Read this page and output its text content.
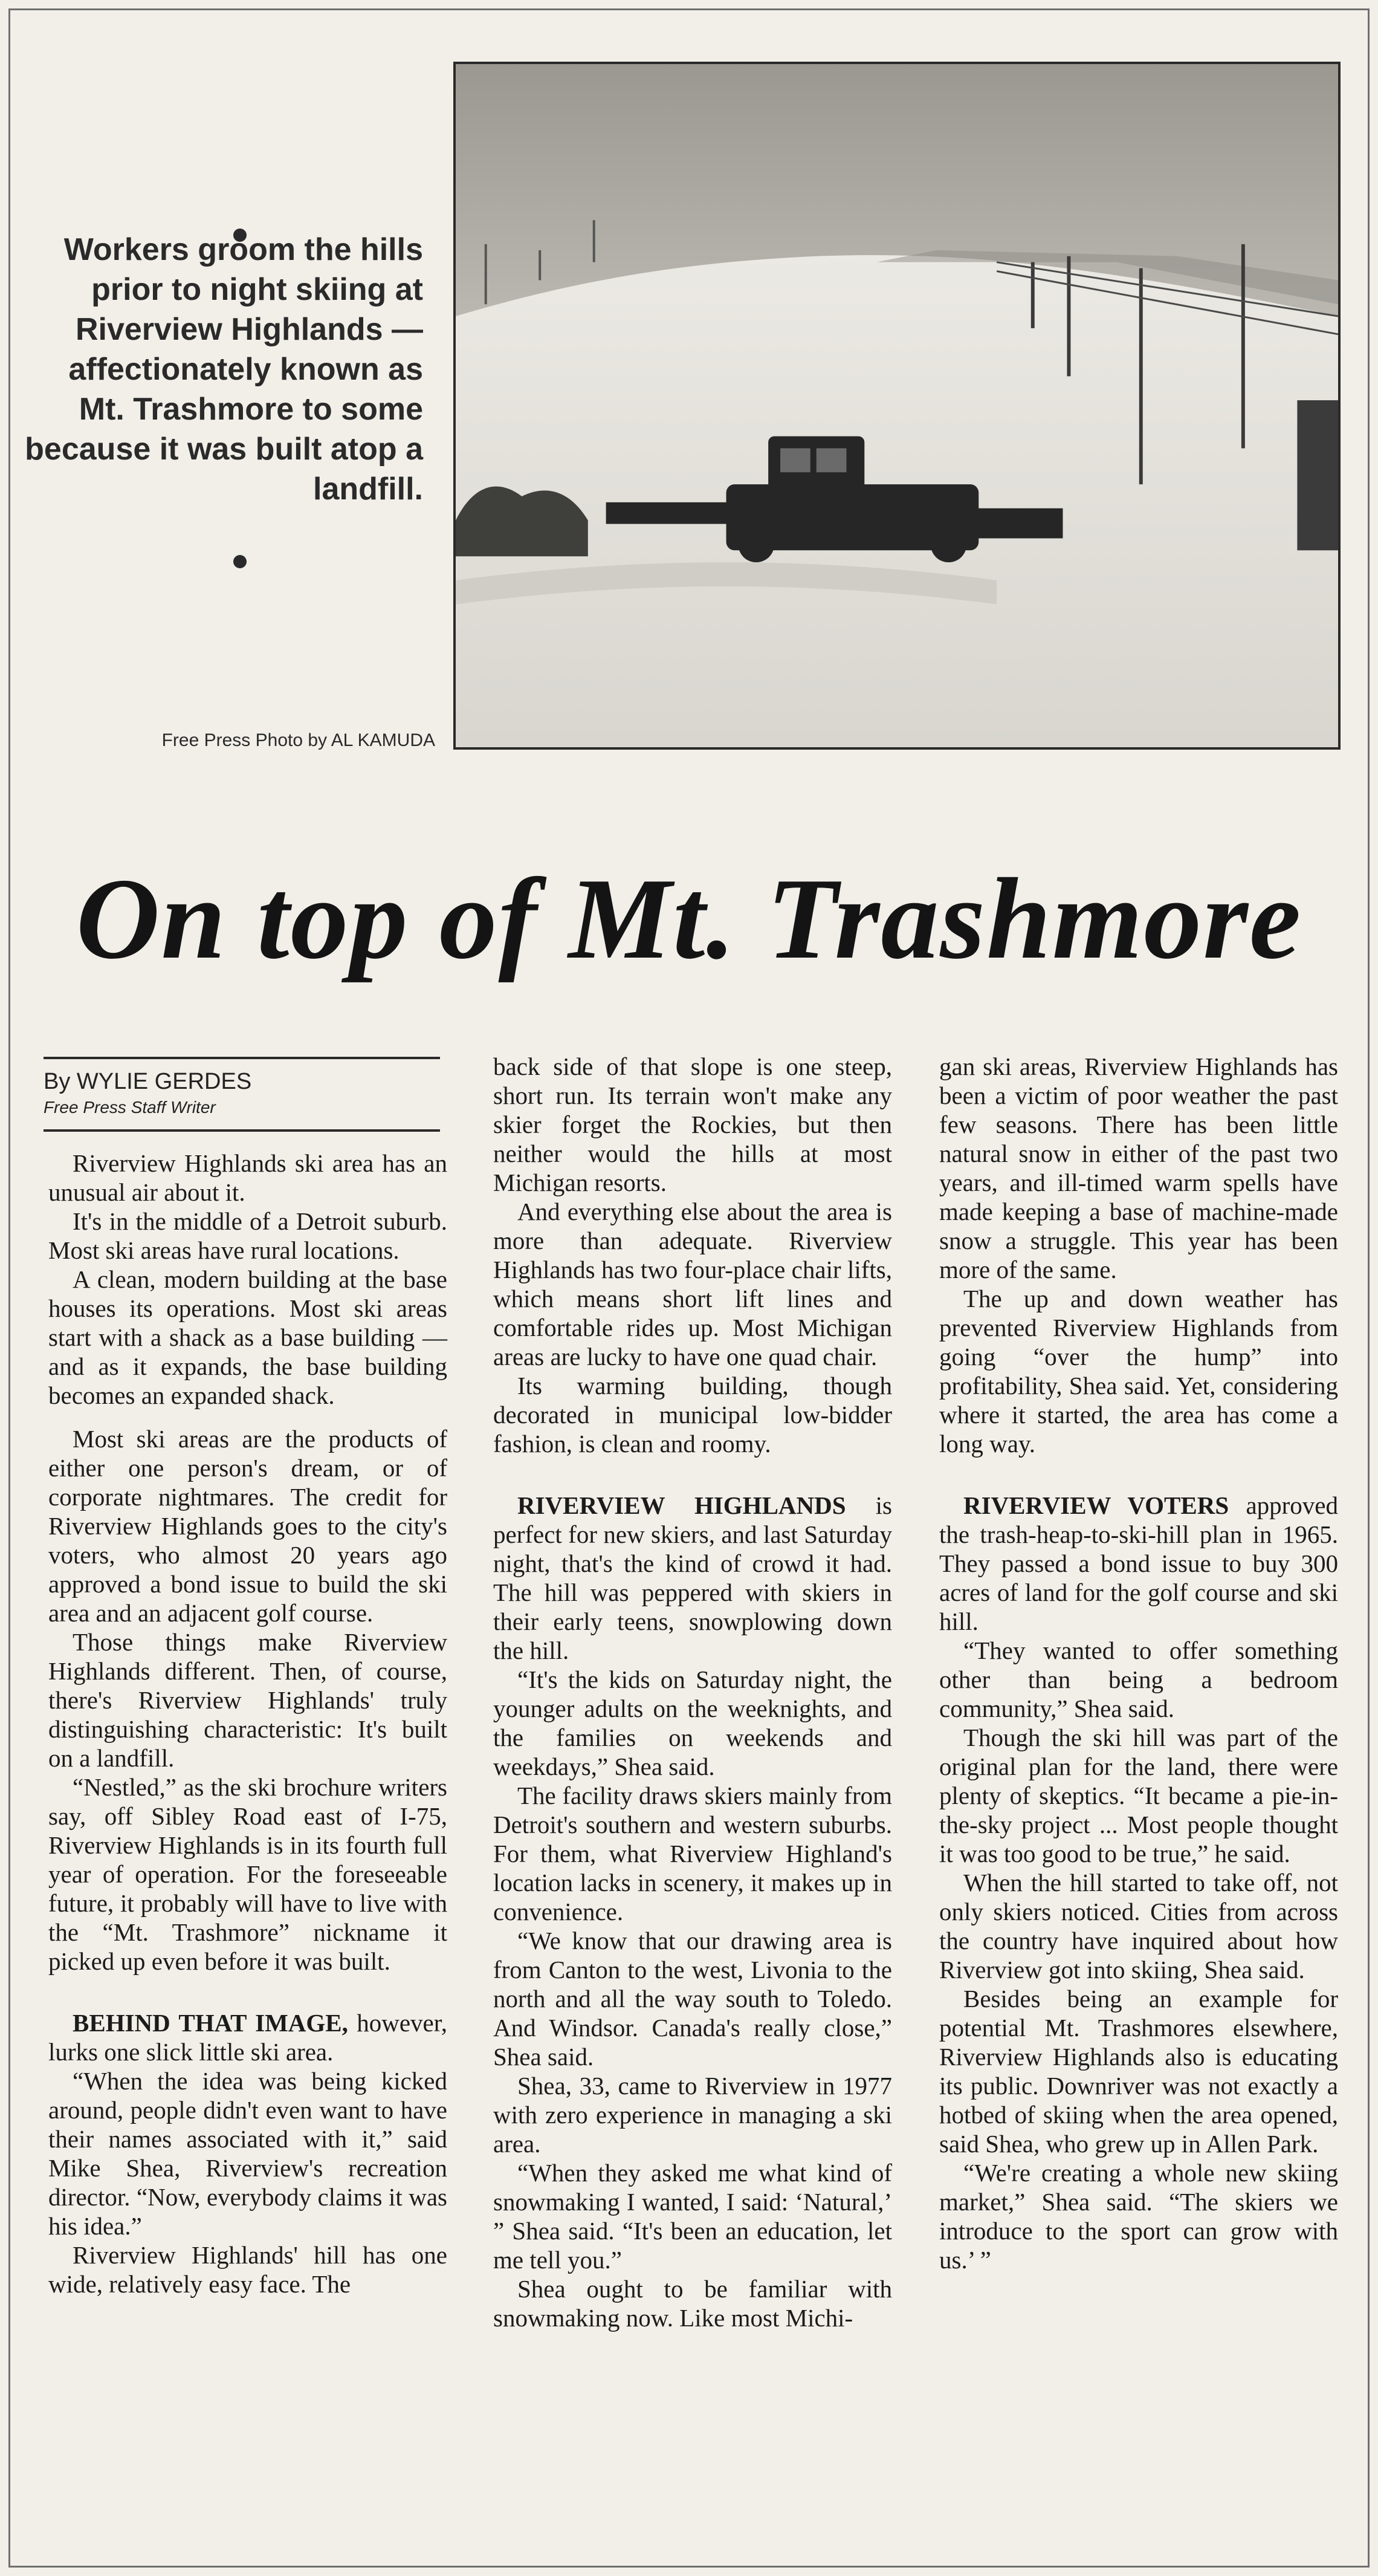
Workers groom the hills prior to night skiing at Riverview Highlands — affectionately known as Mt. Trashmore to some because it was built atop a landfill.
Free Press Photo by AL KAMUDA
On top of Mt. Trashmore
By WYLIE GERDES
Free Press Staff Writer

Riverview Highlands ski area has an unusual air about it.

It's in the middle of a Detroit suburb. Most ski areas have rural locations.

A clean, modern building at the base houses its operations. Most ski areas start with a shack as a base building — and as it expands, the base building becomes an expanded shack.

Most ski areas are the products of either one person's dream, or of corporate nightmares. The credit for Riverview Highlands goes to the city's voters, who almost 20 years ago approved a bond issue to build the ski area and an adjacent golf course.

Those things make Riverview Highlands different. Then, of course, there's Riverview Highlands' truly distinguishing characteristic: It's built on a landfill.

“Nestled,” as the ski brochure writers say, off Sibley Road east of I-75, Riverview Highlands is in its fourth full year of operation. For the foreseeable future, it probably will have to live with the “Mt. Trashmore” nickname it picked up even before it was built.

BEHIND THAT IMAGE, however, lurks one slick little ski area.

“When the idea was being kicked around, people didn't even want to have their names associated with it,” said Mike Shea, Riverview's recreation director. “Now, everybody claims it was his idea.”

Riverview Highlands' hill has one wide, relatively easy face. The

back side of that slope is one steep, short run. Its terrain won't make any skier forget the Rockies, but then neither would the hills at most Michigan resorts.

And everything else about the area is more than adequate. Riverview Highlands has two four-place chair lifts, which means short lift lines and comfortable rides up. Most Michigan areas are lucky to have one quad chair.

Its warming building, though decorated in municipal low-bidder fashion, is clean and roomy.

RIVERVIEW HIGHLANDS is perfect for new skiers, and last Saturday night, that's the kind of crowd it had. The hill was peppered with skiers in their early teens, snowplowing down the hill.

“It's the kids on Saturday night, the younger adults on the weeknights, and the families on weekends and weekdays,” Shea said.

The facility draws skiers mainly from Detroit's southern and western suburbs. For them, what Riverview Highland's location lacks in scenery, it makes up in convenience.

“We know that our drawing area is from Canton to the west, Livonia to the north and all the way south to Toledo. And Windsor. Canada's really close,” Shea said.

Shea, 33, came to Riverview in 1977 with zero experience in managing a ski area.

“When they asked me what kind of snowmaking I wanted, I said: ‘Natural,’ ” Shea said. “It's been an education, let me tell you.”

Shea ought to be familiar with snowmaking now. Like most Michi-

gan ski areas, Riverview Highlands has been a victim of poor weather the past few seasons. There has been little natural snow in either of the past two years, and ill-timed warm spells have made keeping a base of machine-made snow a struggle. This year has been more of the same.

The up and down weather has prevented Riverview Highlands from going “over the hump” into profitability, Shea said. Yet, considering where it started, the area has come a long way.

RIVERVIEW VOTERS approved the trash-heap-to-ski-hill plan in 1965. They passed a bond issue to buy 300 acres of land for the golf course and ski hill.

“They wanted to offer something other than being a bedroom community,” Shea said.

Though the ski hill was part of the original plan for the land, there were plenty of skeptics. “It became a pie-in-the-sky project ... Most people thought it was too good to be true,” he said.

When the hill started to take off, not only skiers noticed. Cities from across the country have inquired about how Riverview got into skiing, Shea said.

Besides being an example for potential Mt. Trashmores elsewhere, Riverview Highlands also is educating its public. Downriver was not exactly a hotbed of skiing when the area opened, said Shea, who grew up in Allen Park.

“We're creating a whole new skiing market,” Shea said. “The skiers we introduce to the sport can grow with us.’ ”
